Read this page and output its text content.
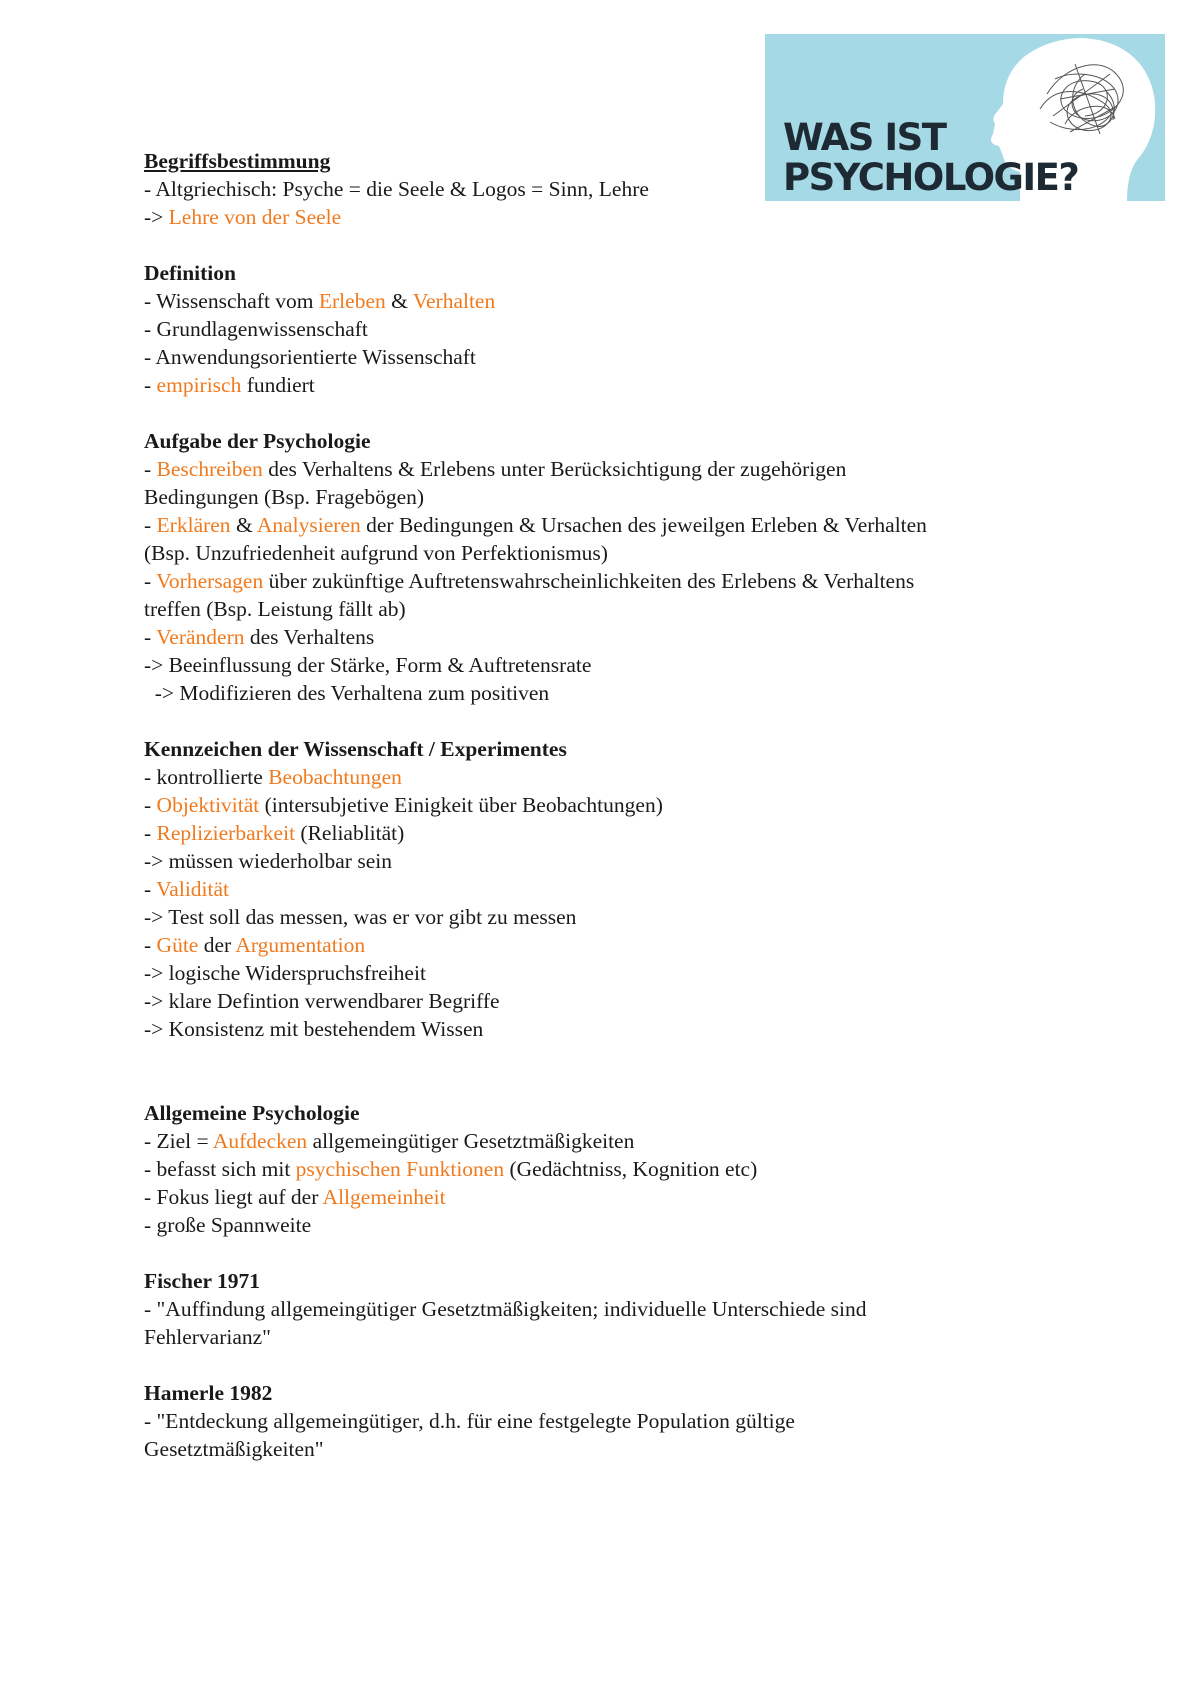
WAS IST
PSYCHOLOGIE?
Begriffsbestimmung
- Altgriechisch: Psyche = die Seele & Logos = Sinn, Lehre
-> Lehre von der Seele
Definition
- Wissenschaft vom Erleben & Verhalten
- Grundlagenwissenschaft
- Anwendungsorientierte Wissenschaft
- empirisch fundiert
Aufgabe der Psychologie
- Beschreiben des Verhaltens & Erlebens unter Berücksichtigung der zugehörigen
Bedingungen (Bsp. Fragebögen)
- Erklären & Analysieren der Bedingungen & Ursachen des jeweilgen Erleben & Verhalten
(Bsp. Unzufriedenheit aufgrund von Perfektionismus)
- Vorhersagen über zukünftige Auftretenswahrscheinlichkeiten des Erlebens & Verhaltens
treffen (Bsp. Leistung fällt ab)
- Verändern des Verhaltens
-> Beeinflussung der Stärke, Form & Auftretensrate
-> Modifizieren des Verhaltena zum positiven
Kennzeichen der Wissenschaft / Experimentes
- kontrollierte Beobachtungen
- Objektivität (intersubjetive Einigkeit über Beobachtungen)
- Replizierbarkeit (Reliablität)
-> müssen wiederholbar sein
- Validität
-> Test soll das messen, was er vor gibt zu messen
- Güte der Argumentation
-> logische Widerspruchsfreiheit
-> klare Defintion verwendbarer Begriffe
-> Konsistenz mit bestehendem Wissen
Allgemeine Psychologie
- Ziel = Aufdecken allgemeingütiger Gesetztmäßigkeiten
- befasst sich mit psychischen Funktionen (Gedächtniss, Kognition etc)
- Fokus liegt auf der Allgemeinheit
- große Spannweite
Fischer 1971
- "Auffindung allgemeingütiger Gesetztmäßigkeiten; individuelle Unterschiede sind
Fehlervarianz"
Hamerle 1982
- "Entdeckung allgemeingütiger, d.h. für eine festgelegte Population gültige
Gesetztmäßigkeiten"
